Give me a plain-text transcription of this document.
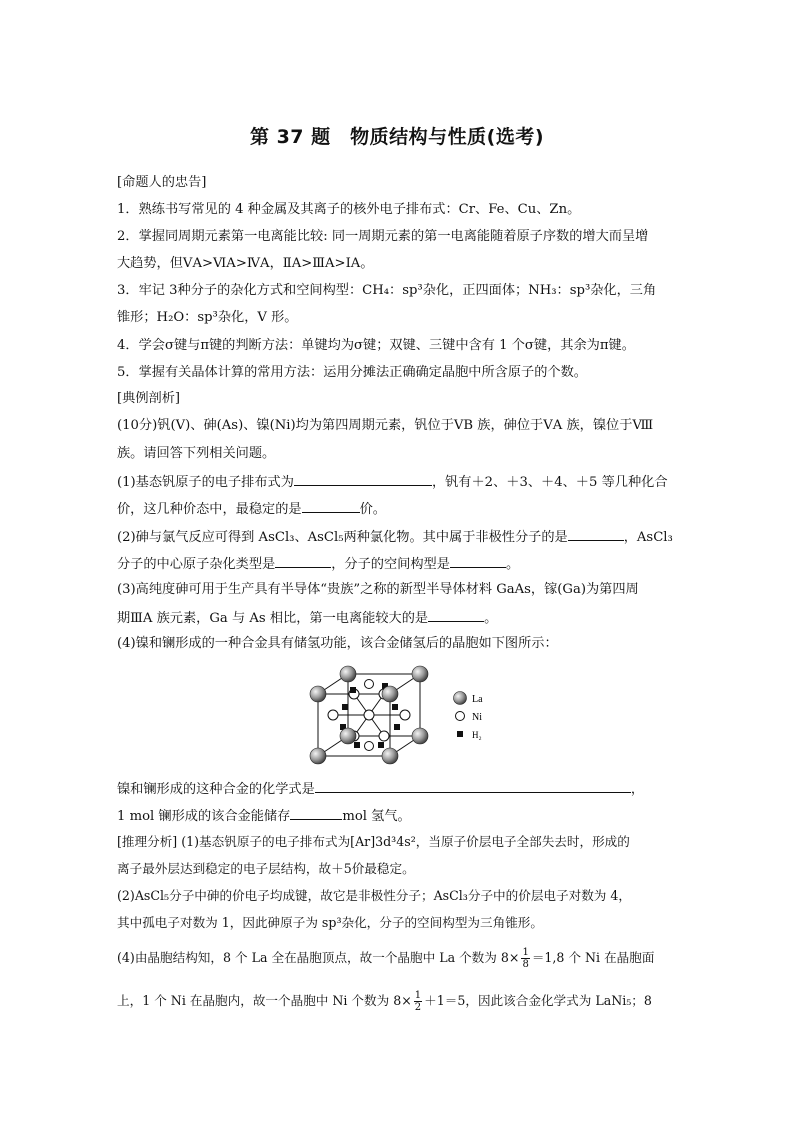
第 37 题　物质结构与性质(选考)
[命题人的忠告]
1．熟练书写常见的 4 种金属及其离子的核外电子排布式：Cr、Fe、Cu、Zn。
2．掌握同周期元素第一电离能比较: 同一周期元素的第一电离能随着原子序数的增大而呈增
大趋势，但ⅤA>ⅥA>ⅣA，ⅡA>ⅢA>ⅠA。
3．牢记 3种分子的杂化方式和空间构型：CH₄：sp³杂化，正四面体；NH₃：sp³杂化，三角
锥形；H₂O：sp³杂化，V 形。
4．学会σ键与π键的判断方法：单键均为σ键；双键、三键中含有 1 个σ键，其余为π键。
5．掌握有关晶体计算的常用方法：运用分摊法正确确定晶胞中所含原子的个数。
[典例剖析]
(10分)钒(V)、砷(As)、镍(Ni)均为第四周期元素，钒位于ⅤB 族，砷位于ⅤA 族，镍位于Ⅷ
族。请回答下列相关问题。
(1)基态钒原子的电子排布式为	，钒有＋2、＋3、＋4、＋5 等几种化合
价，这几种价态中，最稳定的是	价。
(2)砷与氯气反应可得到 AsCl₃、AsCl₅两种氯化物。其中属于非极性分子的是	，AsCl₃
分子的中心原子杂化类型是	，分子的空间构型是	。
(3)高纯度砷可用于生产具有半导体“贵族”之称的新型半导体材料 GaAs，镓(Ga)为第四周
期ⅢA 族元素，Ga 与 As 相比，第一电离能较大的是	。
(4)镍和镧形成的一种合金具有储氢功能，该合金储氢后的晶胞如下图所示：
La
Ni
H₂
镍和镧形成的这种合金的化学式是	，
1 mol 镧形成的该合金能储存	mol 氢气。
[推理分析] (1)基态钒原子的电子排布式为[Ar]3d³4s²，当原子价层电子全部失去时，形成的
离子最外层达到稳定的电子层结构，故＋5价最稳定。
(2)AsCl₅分子中砷的价电子均成键，故它是非极性分子；AsCl₃分子中的价层电子对数为 4，
其中孤电子对数为 1，因此砷原子为 sp³杂化，分子的空间构型为三角锥形。
(4)由晶胞结构知，8 个 La 全在晶胞顶点，故一个晶胞中 La 个数为 $8\times \frac{1}{8} =1,8$ 个 Ni 在晶胞面
上，1 个 Ni 在晶胞内，故一个晶胞中 Ni 个数为 $8\times \frac{1}{2} +1=5$，因此该合金化学式为 LaNi₅；8
